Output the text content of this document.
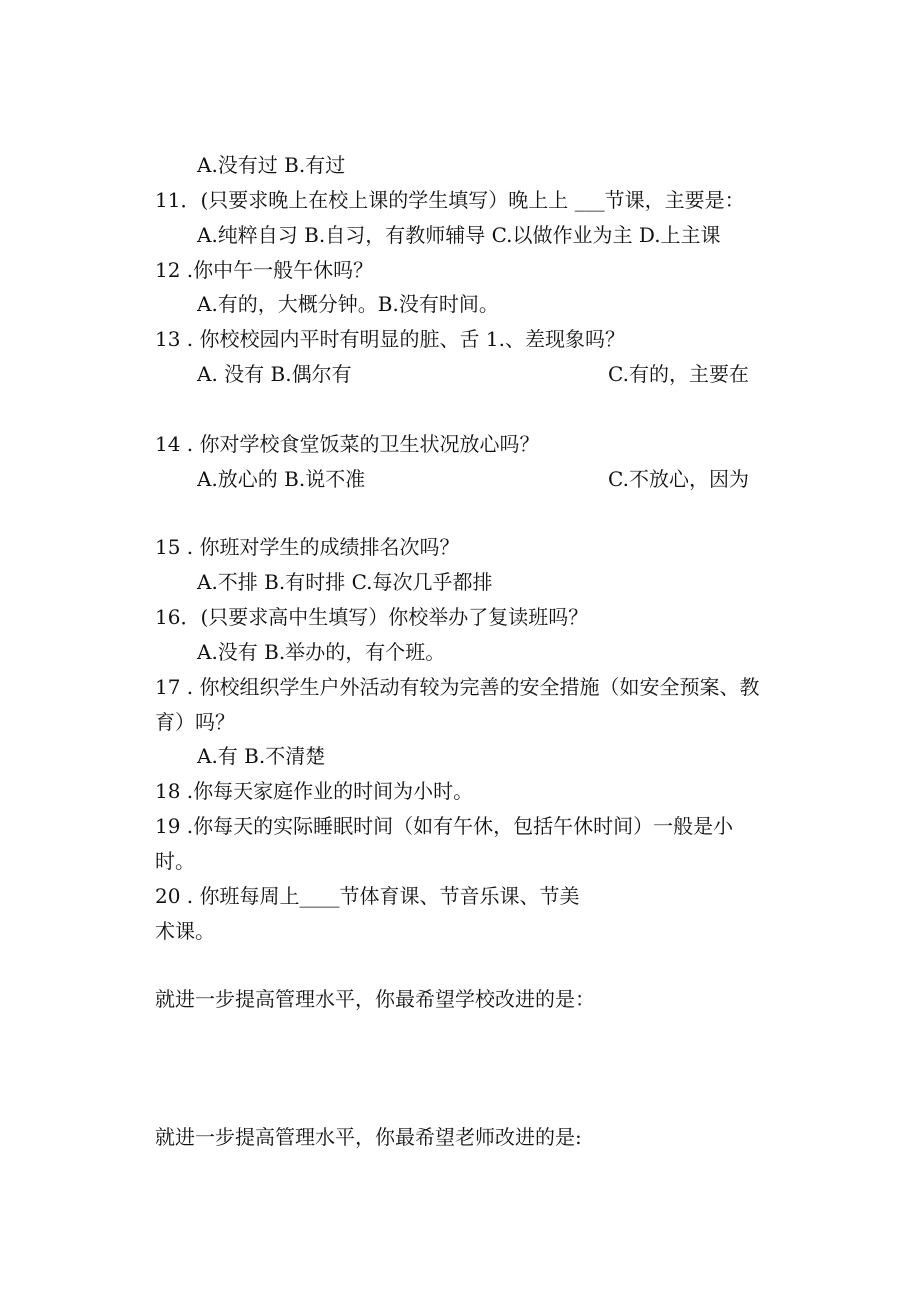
A.没有过 B.有过
11．(只要求晚上在校上课的学生填写）晚上上 ___节课，主要是：
A.纯粹自习 B.自习，有教师辅导 C.以做作业为主 D.上主课
12 .你中午一般午休吗？
A.有的，大概分钟。B.没有时间。
13 . 你校校园内平时有明显的脏、舌 1.、差现象吗？
A. 没有 B.偶尔有	C.有的，主要在
14 . 你对学校食堂饭菜的卫生状况放心吗？
A.放心的 B.说不准	C.不放心，因为
15 . 你班对学生的成绩排名次吗？
A.不排 B.有时排 C.每次几乎都排
16．(只要求高中生填写）你校举办了复读班吗？
A.没有 B.举办的，有个班。
17 . 你校组织学生户外活动有较为完善的安全措施（如安全预案、教
育）吗？
A.有 B.不清楚
18 .你每天家庭作业的时间为小时。
19 .你每天的实际睡眠时间（如有午休，包括午休时间）一般是小
时。
20 . 你班每周上____节体育课、节音乐课、节美
术课。
就进一步提高管理水平，你最希望学校改进的是：
就进一步提高管理水平，你最希望老师改进的是:
